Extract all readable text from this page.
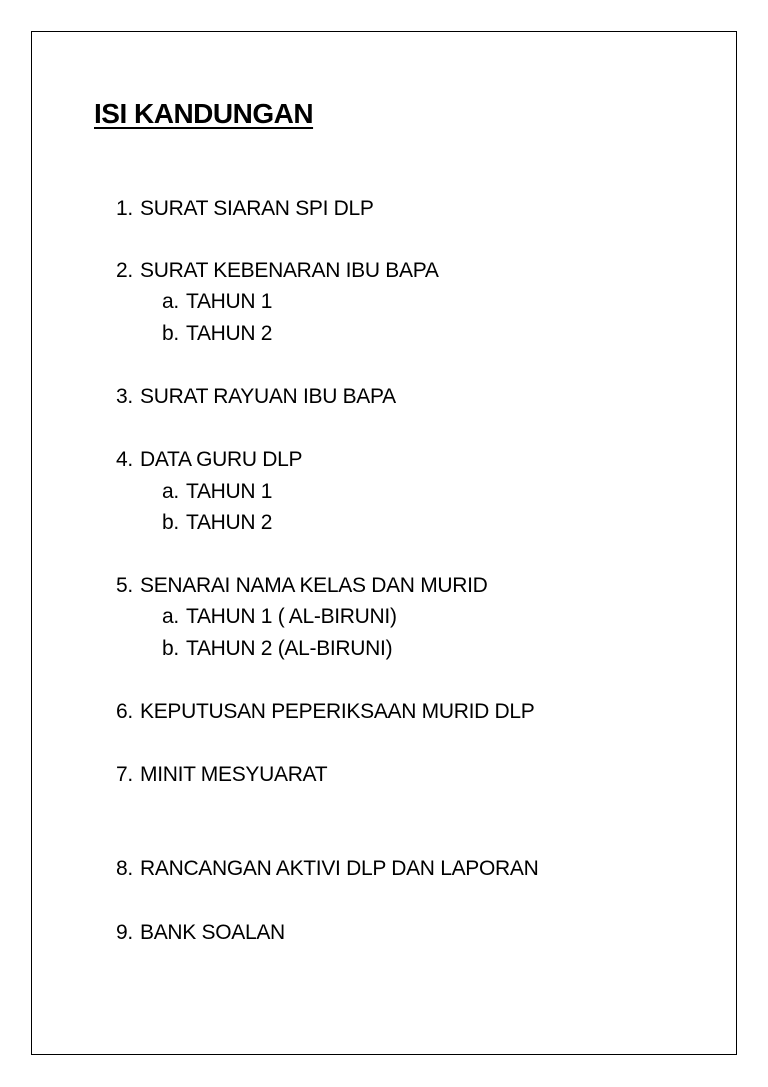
ISI KANDUNGAN
1. SURAT SIARAN SPI DLP
2. SURAT KEBENARAN IBU BAPA
a. TAHUN 1
b. TAHUN 2
3. SURAT RAYUAN IBU BAPA
4. DATA GURU DLP
a. TAHUN 1
b. TAHUN 2
5. SENARAI NAMA KELAS DAN MURID
a. TAHUN 1 ( AL-BIRUNI)
b. TAHUN 2 (AL-BIRUNI)
6. KEPUTUSAN PEPERIKSAAN MURID DLP
7. MINIT MESYUARAT
8. RANCANGAN AKTIVI DLP DAN LAPORAN
9. BANK SOALAN
